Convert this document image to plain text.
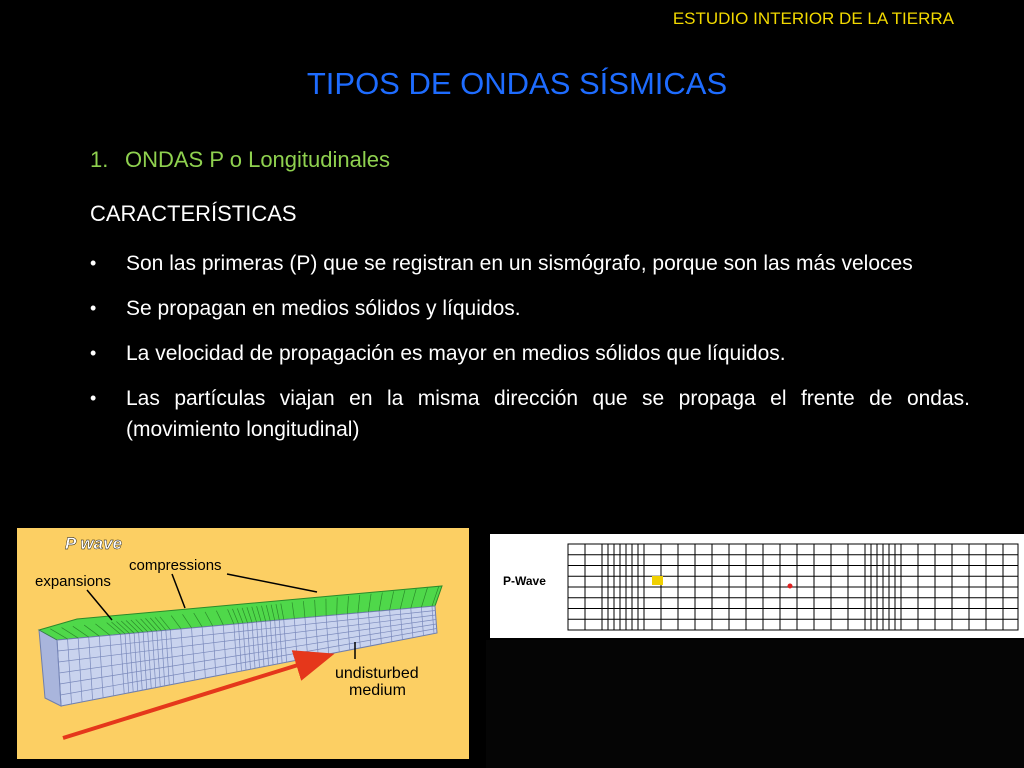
ESTUDIO INTERIOR DE LA TIERRA
TIPOS DE ONDAS SÍSMICAS
1. ONDAS P o Longitudinales
CARACTERÍSTICAS
• Son las primeras (P) que se registran en un sismógrafo, porque son las más veloces
• Se propagan en medios sólidos y líquidos.
• La velocidad de propagación es mayor en medios sólidos que líquidos.
• Las partículas viajan en la misma dirección que se propaga el frente de ondas. (movimiento longitudinal)
P wave
compressions
expansions
undisturbed
medium
P-Wave
